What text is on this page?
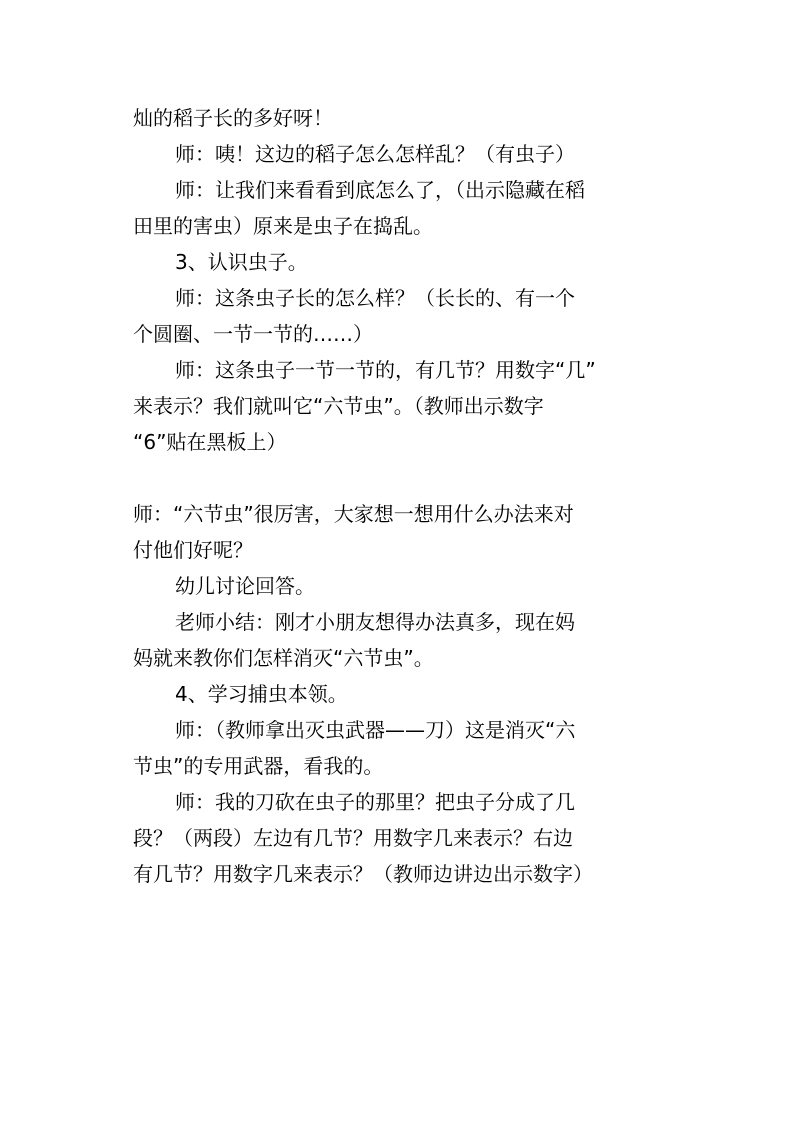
灿的稻子长的多好呀！
师：咦！这边的稻子怎么怎样乱？（有虫子）
师：让我们来看看到底怎么了，（出示隐藏在稻
田里的害虫）原来是虫子在捣乱。
3、认识虫子。
师：这条虫子长的怎么样？（长长的、有一个
个圆圈、一节一节的……）
师：这条虫子一节一节的，有几节？用数字“几”
来表示？我们就叫它“六节虫”。（教师出示数字
“6”贴在黑板上）
师：“六节虫”很厉害，大家想一想用什么办法来对
付他们好呢？
幼儿讨论回答。
老师小结：刚才小朋友想得办法真多，现在妈
妈就来教你们怎样消灭“六节虫”。
4、学习捕虫本领。
师：（教师拿出灭虫武器——刀）这是消灭“六
节虫”的专用武器，看我的。
师：我的刀砍在虫子的那里？把虫子分成了几
段？（两段）左边有几节？用数字几来表示？右边
有几节？用数字几来表示？（教师边讲边出示数字）
